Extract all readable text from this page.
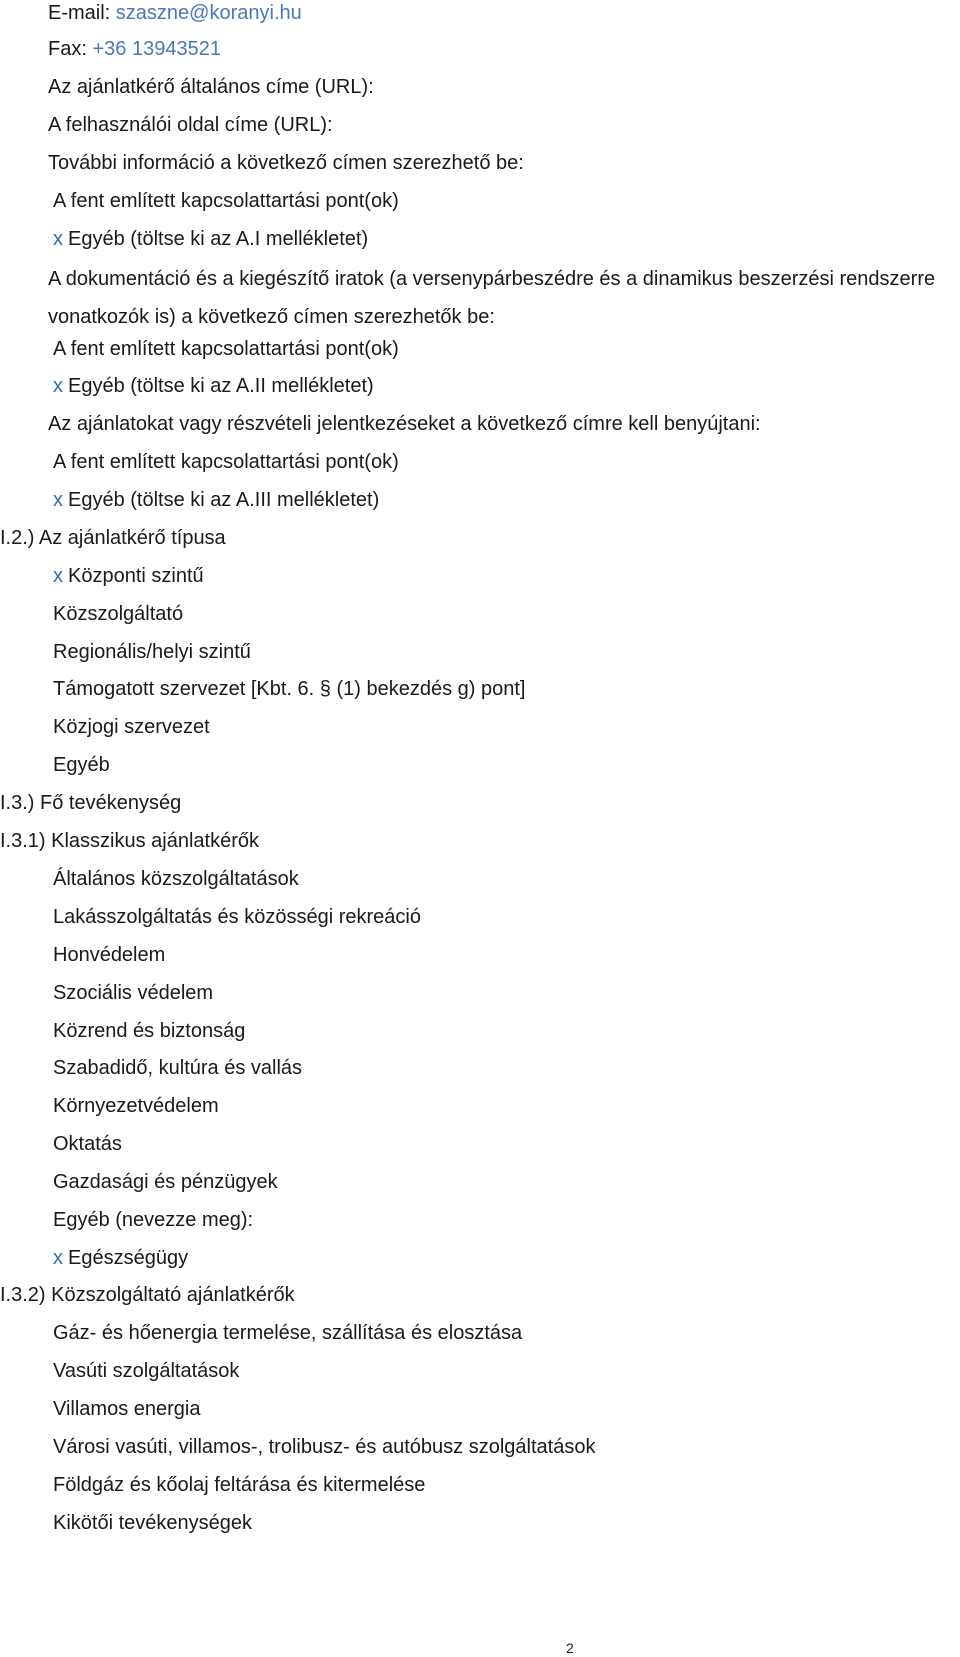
E-mail: szaszne@koranyi.hu
Fax: +36 13943521
Az ajánlatkérő általános címe (URL):
A felhasználói oldal címe (URL):
További információ a következő címen szerezhető be:
A fent említett kapcsolattartási pont(ok)
x Egyéb (töltse ki az A.I mellékletet)
A dokumentáció és a kiegészítő iratok (a versenypárbeszédre és a dinamikus beszerzési rendszerre vonatkozók is) a következő címen szerezhetők be:
A fent említett kapcsolattartási pont(ok)
x Egyéb (töltse ki az A.II mellékletet)
Az ajánlatokat vagy részvételi jelentkezéseket a következő címre kell benyújtani:
A fent említett kapcsolattartási pont(ok)
x Egyéb (töltse ki az A.III mellékletet)
I.2.) Az ajánlatkérő típusa
x Központi szintű
Közszolgáltató
Regionális/helyi szintű
Támogatott szervezet [Kbt. 6. § (1) bekezdés g) pont]
Közjogi szervezet
Egyéb
I.3.) Fő tevékenység
I.3.1) Klasszikus ajánlatkérők
Általános közszolgáltatások
Lakásszolgáltatás és közösségi rekreáció
Honvédelem
Szociális védelem
Közrend és biztonság
Szabadidő, kultúra és vallás
Környezetvédelem
Oktatás
Gazdasági és pénzügyek
Egyéb (nevezze meg):
x Egészségügy
I.3.2) Közszolgáltató ajánlatkérők
Gáz- és hőenergia termelése, szállítása és elosztása
Vasúti szolgáltatások
Villamos energia
Városi vasúti, villamos-, trolibusz- és autóbusz szolgáltatások
Földgáz és kőolaj feltárása és kitermelése
Kikötői tevékenységek
2
